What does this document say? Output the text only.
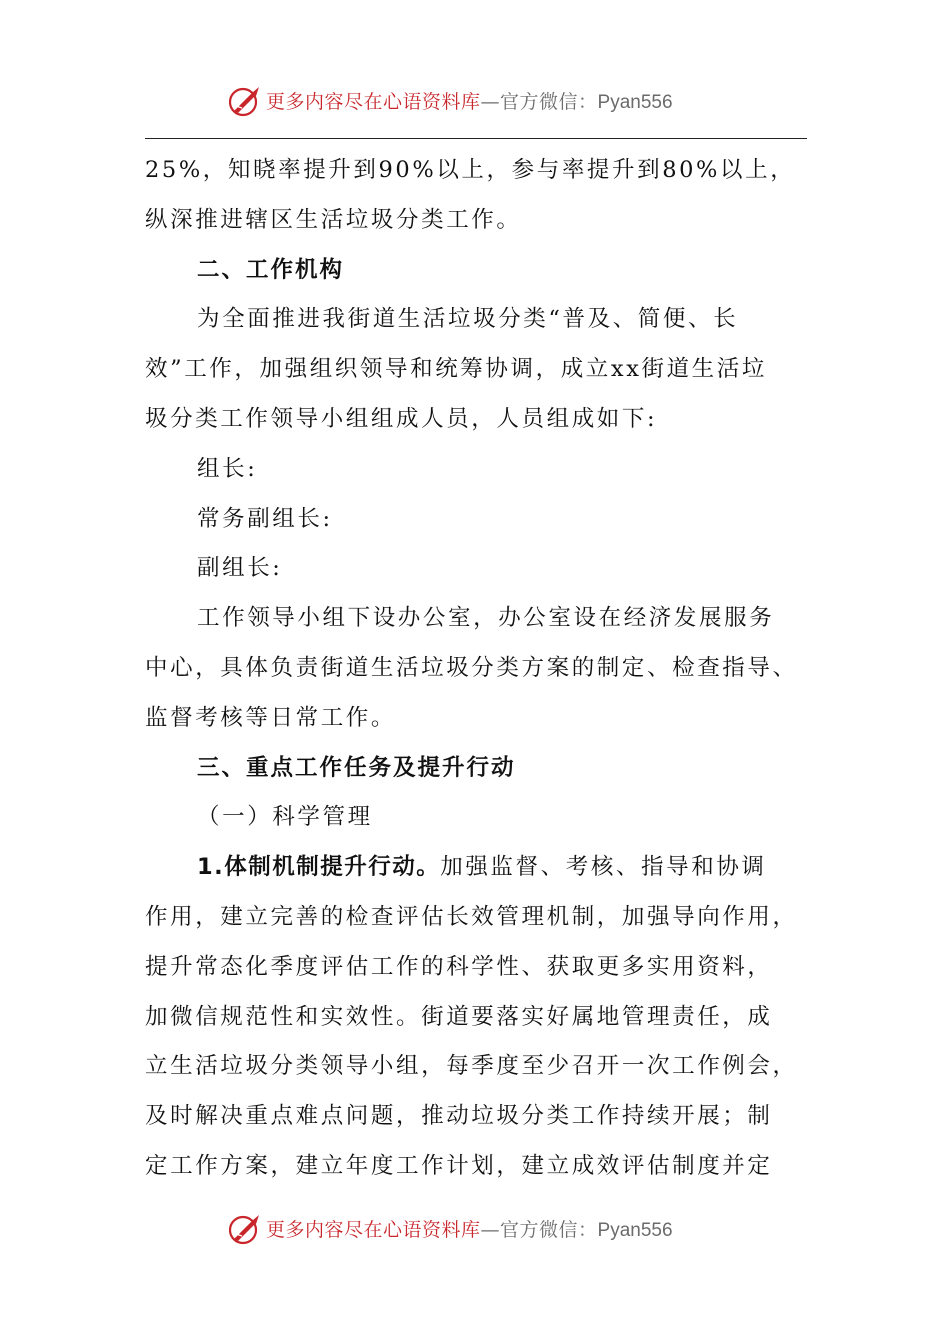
更多内容尽在心语资料库—官方微信：Pyan556
25%，知晓率提升到90%以上，参与率提升到80%以上，
纵深推进辖区生活垃圾分类工作。
二、工作机构
为全面推进我街道生活垃圾分类“普及、简便、长
效”工作，加强组织领导和统筹协调，成立xx街道生活垃
圾分类工作领导小组组成人员，人员组成如下:
组长:
常务副组长:
副组长:
工作领导小组下设办公室，办公室设在经济发展服务
中心，具体负责街道生活垃圾分类方案的制定、检查指导、
监督考核等日常工作。
三、重点工作任务及提升行动
（一）科学管理
1.体制机制提升行动。加强监督、考核、指导和协调
作用，建立完善的检查评估长效管理机制，加强导向作用，
提升常态化季度评估工作的科学性、获取更多实用资料，
加微信规范性和实效性。街道要落实好属地管理责任，成
立生活垃圾分类领导小组，每季度至少召开一次工作例会，
及时解决重点难点问题，推动垃圾分类工作持续开展；制
定工作方案，建立年度工作计划，建立成效评估制度并定
更多内容尽在心语资料库—官方微信：Pyan556
